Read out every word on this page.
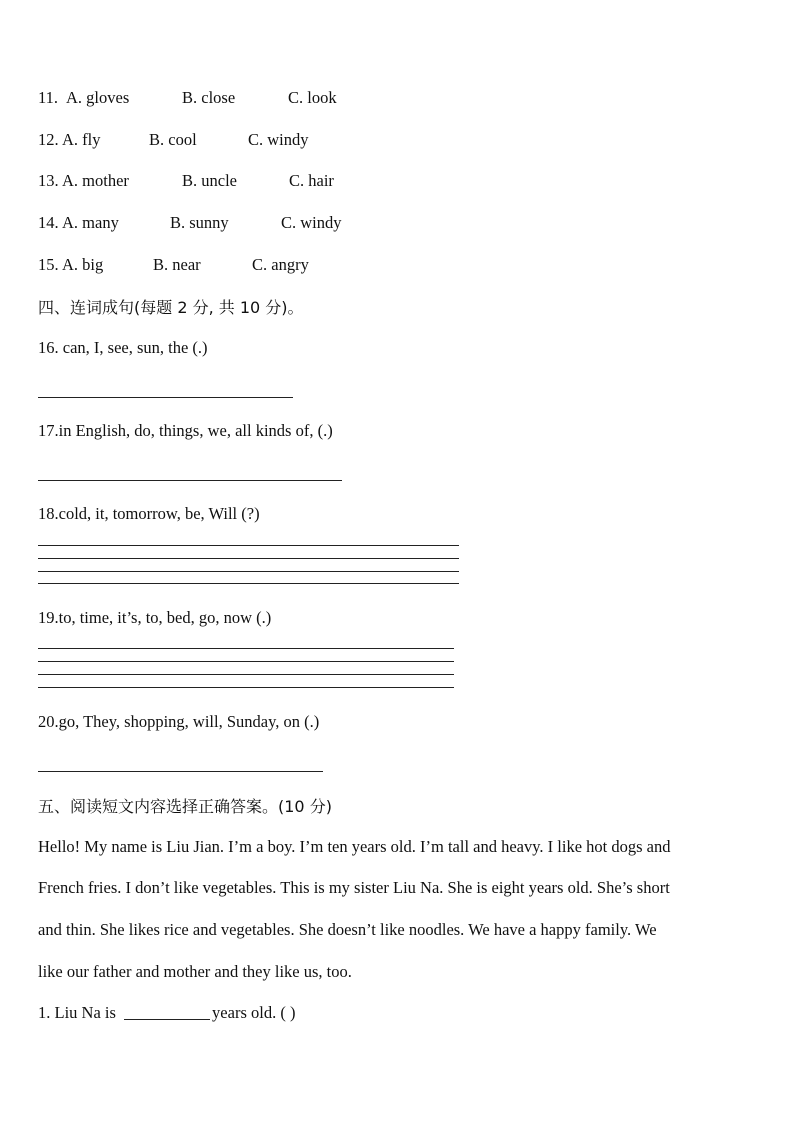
11. A. gloves	B. close	C. look
12. A. fly	B. cool	C. windy
13. A. mother	B. uncle	C. hair
14. A. many	B. sunny	C. windy
15. A. big	B. near	C. angry
四、连词成句(每题 2 分, 共 10 分)。
16. can, I, see, sun, the (.)
17.in English, do, things, we, all kinds of, (.)
18.cold, it, tomorrow, be, Will (?)
19.to, time, it’s, to, bed, go, now (.)
20.go, They, shopping, will, Sunday, on (.)
五、阅读短文内容选择正确答案。(10 分)
Hello! My name is Liu Jian. I’m a boy. I’m ten years old. I’m tall and heavy. I like hot dogs and
French fries. I don’t like vegetables. This is my sister Liu Na. She is eight years old. She’s short
and thin. She likes rice and vegetables. She doesn’t like noodles. We have a happy family. We
like our father and mother and they like us, too.
1. Liu Na is	years old. ( )
